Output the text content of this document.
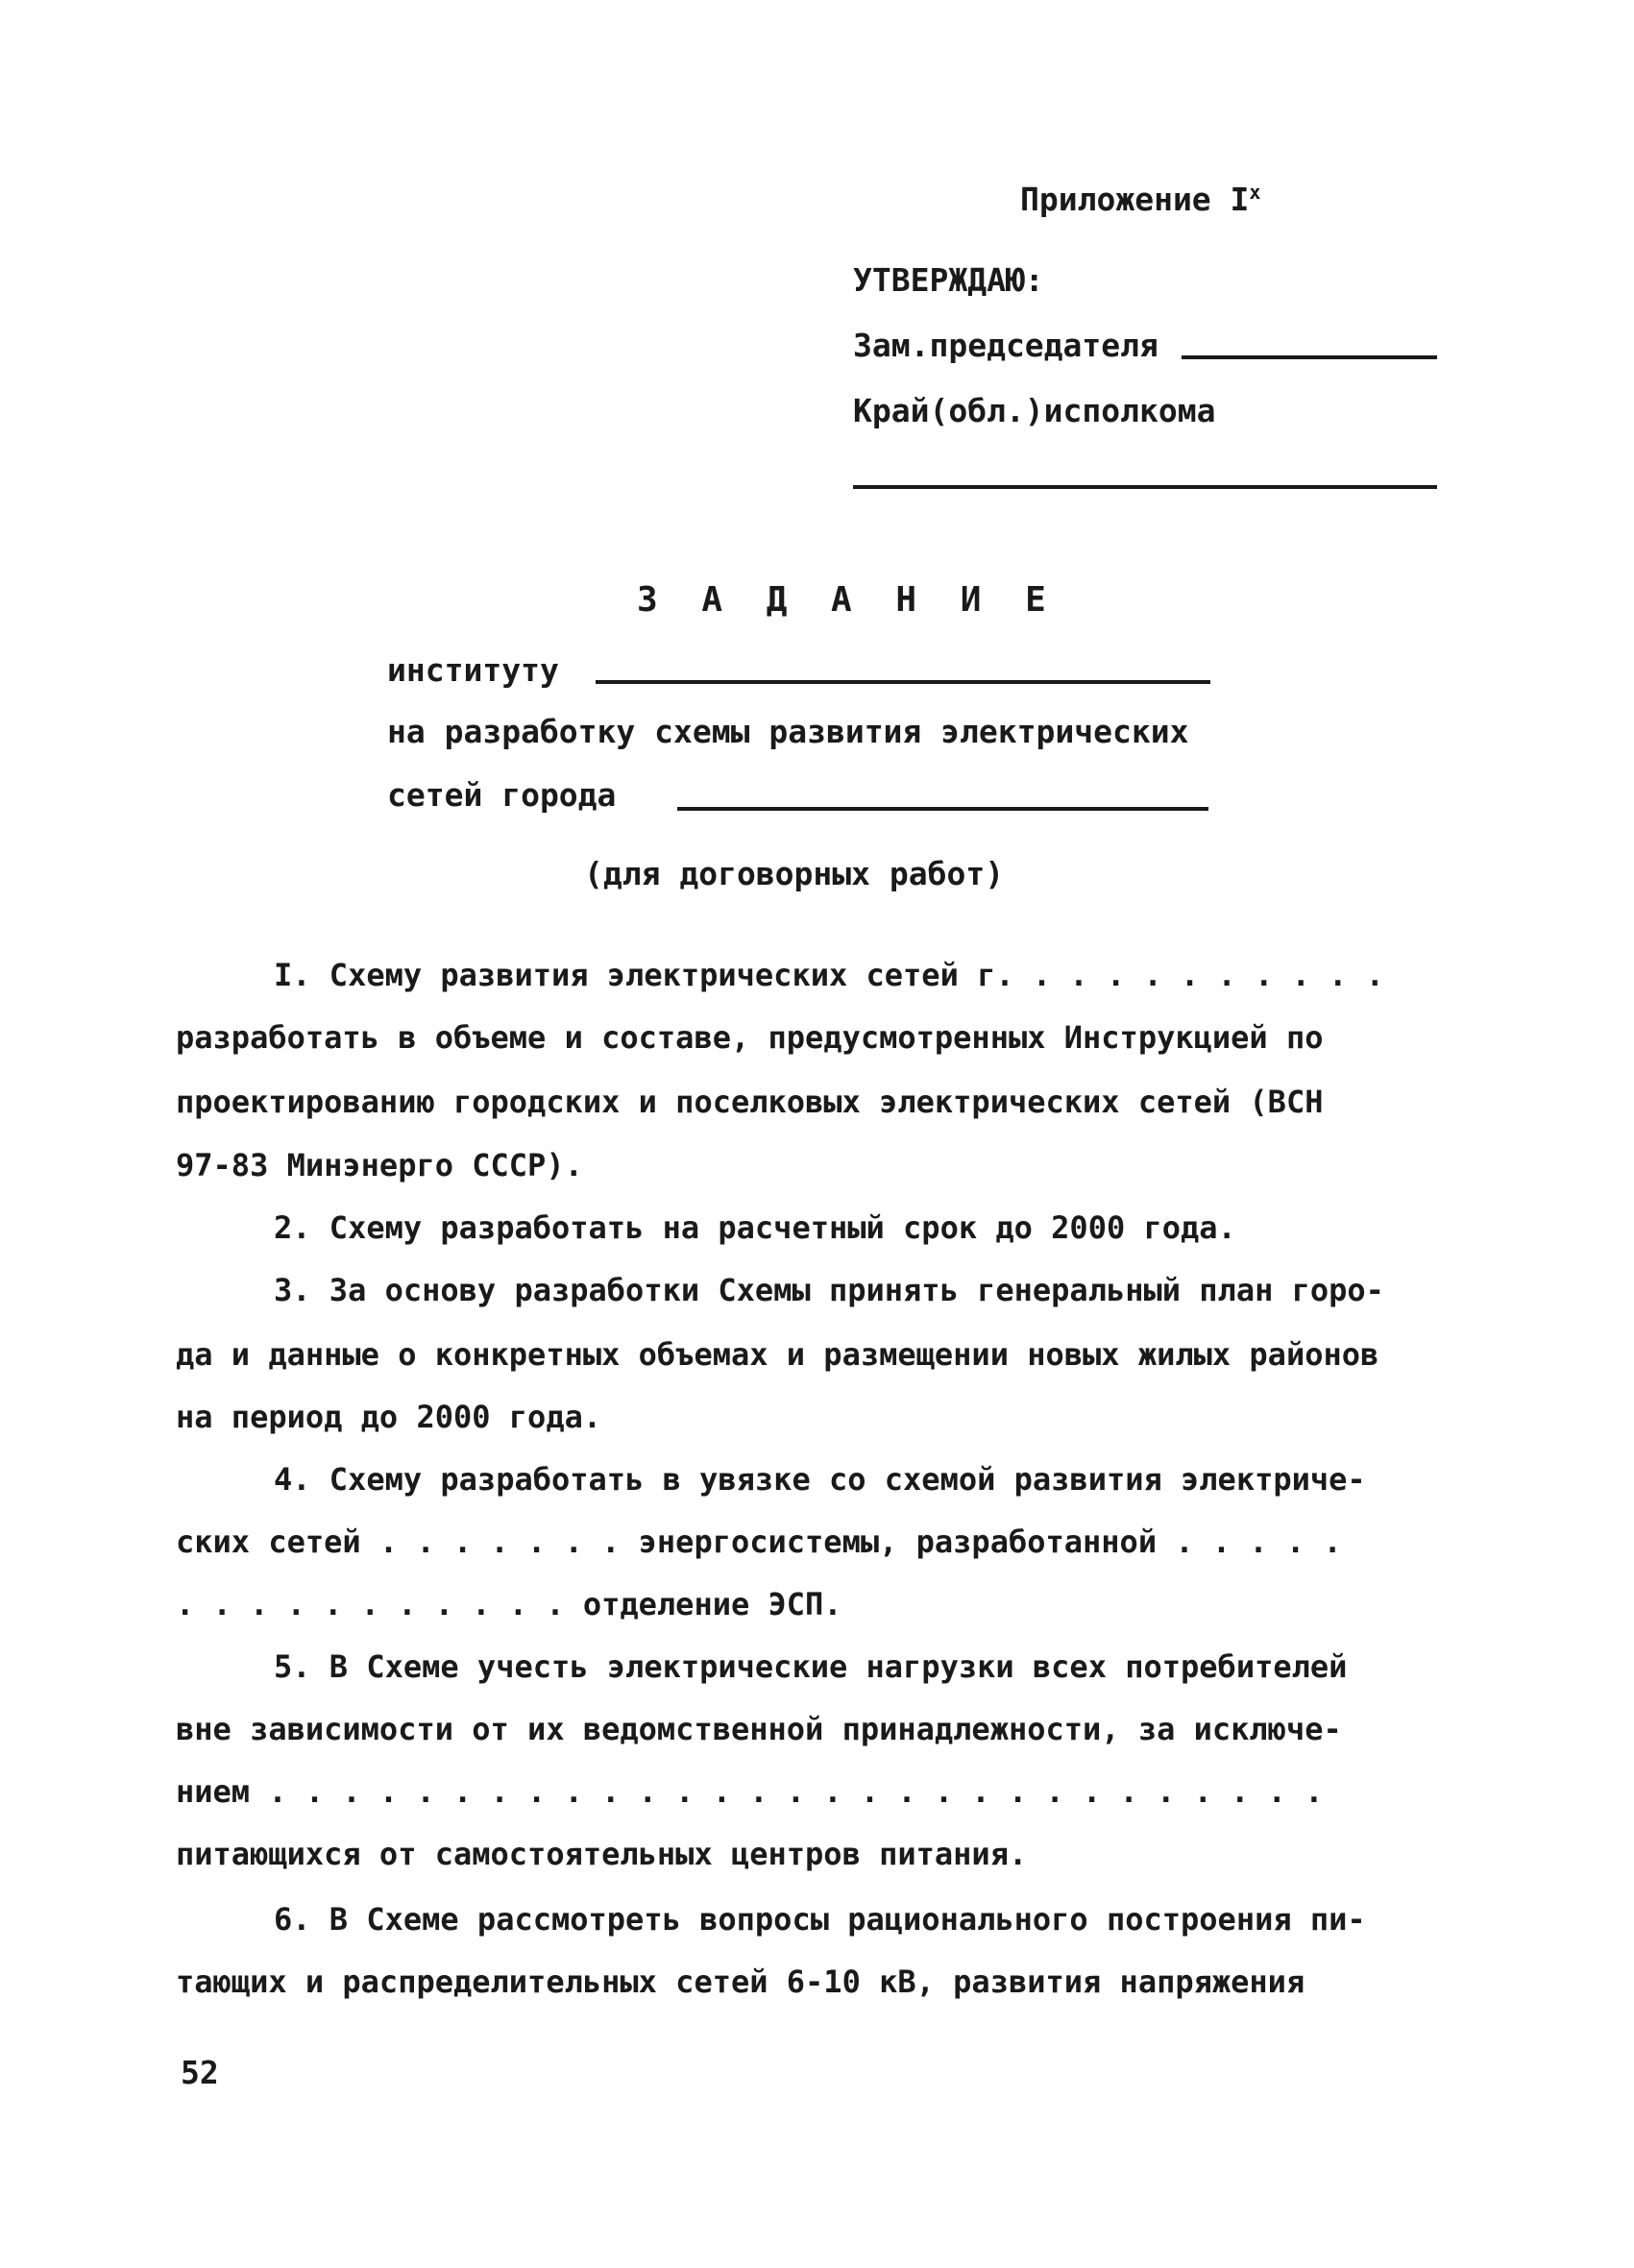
Приложение $I^x$
УТВЕРЖДАЮ:
Зам.председателя
Край(обл.)исполкома
З А Д А Н И Е
институту
на разработку схемы развития электрических
сетей города
(для договорных работ)
I. Схему развития электрических сетей г. . . . . . . . . . .
разработать в объеме и составе, предусмотренных Инструкцией по
проектированию городских и поселковых электрических сетей (ВСН
97-83 Минэнерго СССР).
2. Схему разработать на расчетный срок до 2000 года.
3. За основу разработки Схемы принять генеральный план горо-
да и данные о конкретных объемах и размещении новых жилых районов
на период до 2000 года.
4. Схему разработать в увязке со схемой развития электриче-
ских сетей . . . . . . . энергосистемы, разработанной . . . . .
. . . . . . . . . . . отделение ЭСП.
5. В Схеме учесть электрические нагрузки всех потребителей
вне зависимости от их ведомственной принадлежности, за исключе-
нием . . . . . . . . . . . . . . . . . . . . . . . . . . . . .
питающихся от самостоятельных центров питания.
6. В Схеме рассмотреть вопросы рационального построения пи-
тающих и распределительных сетей 6-10 кВ, развития напряжения
52
